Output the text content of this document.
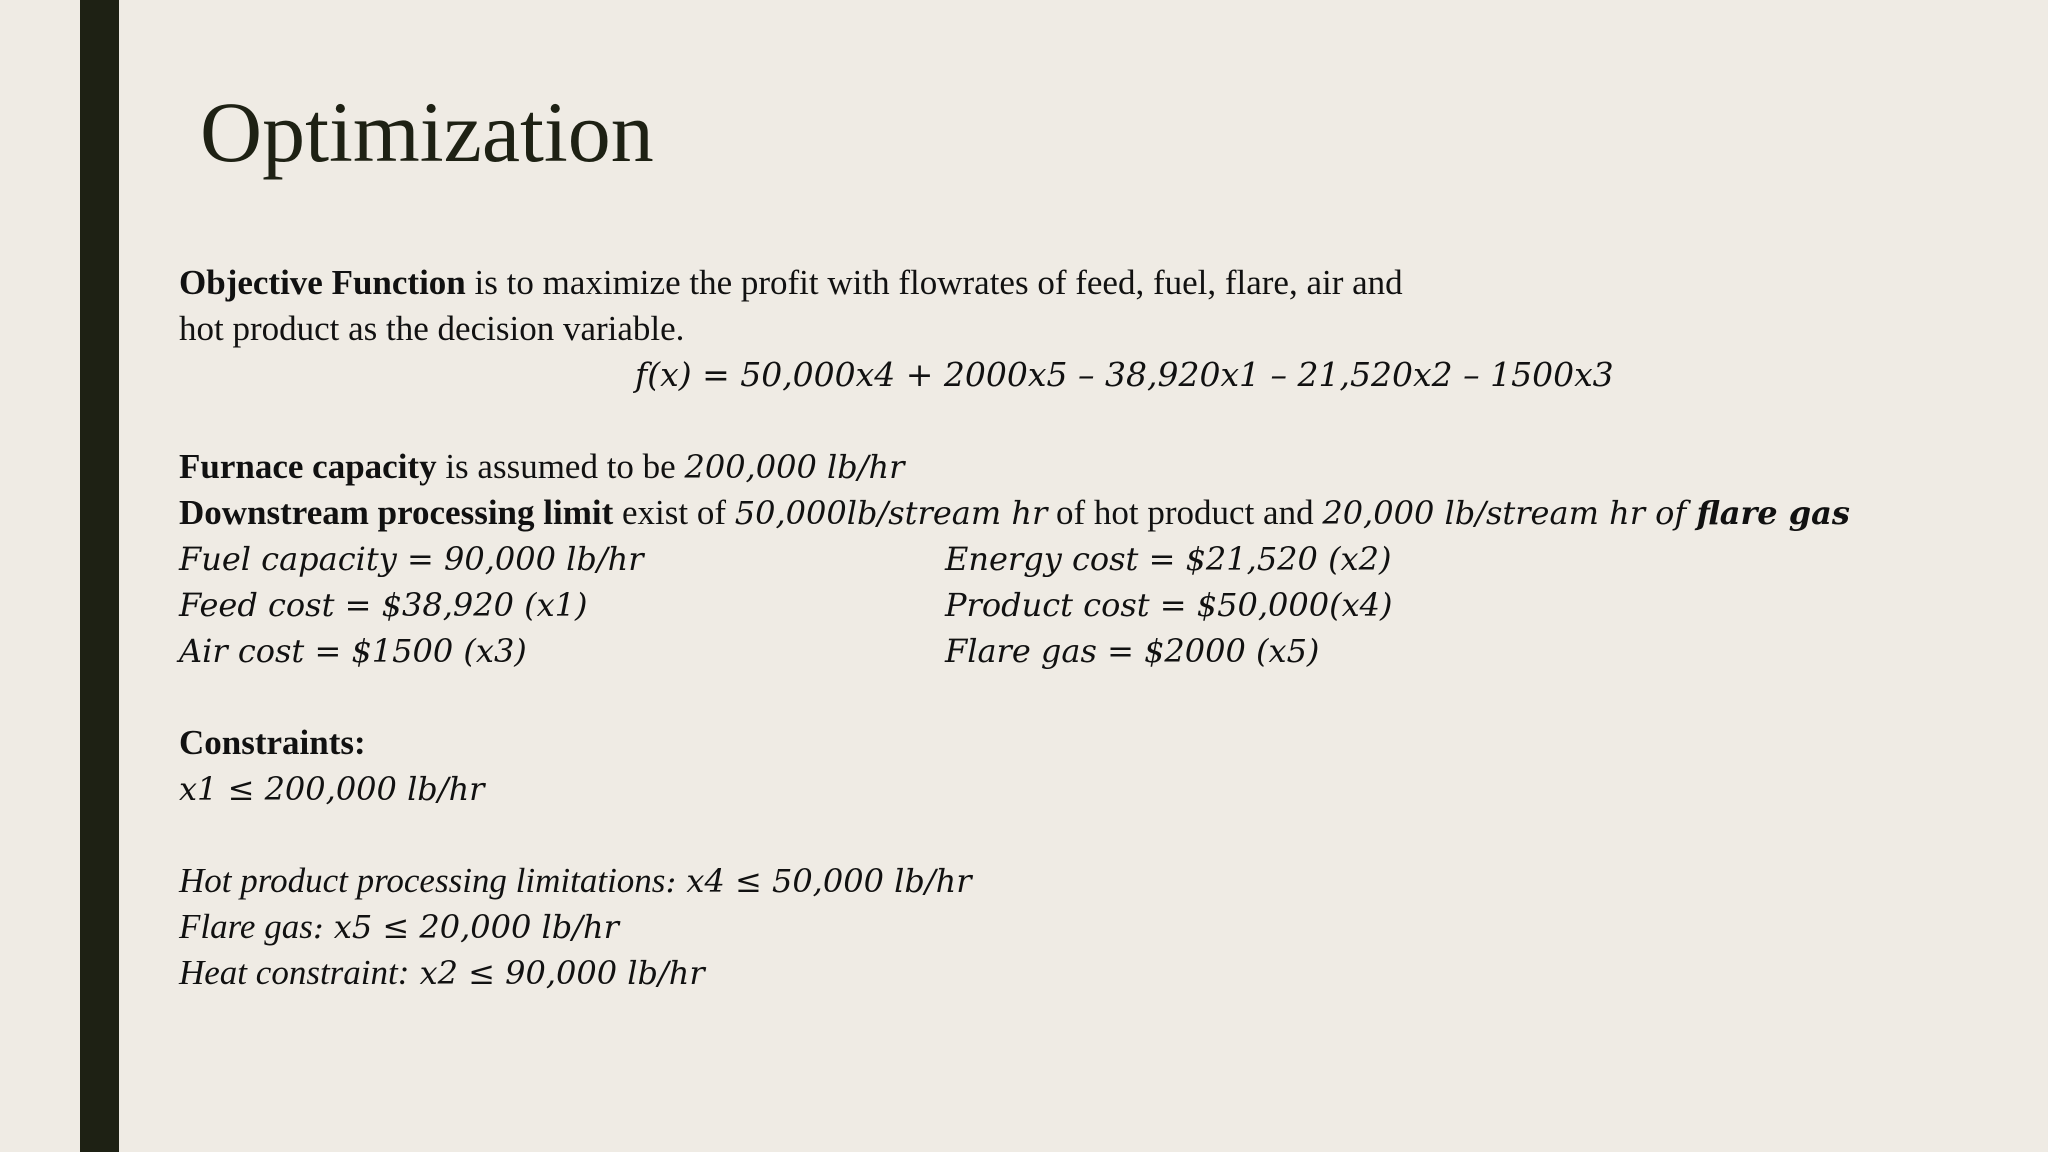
Optimization
Objective Function is to maximize the profit with flowrates of feed, fuel, flare, air and
hot product as the decision variable.
f(x) = 50,000x4 + 2000x5 – 38,920x1 – 21,520x2 – 1500x3
Furnace capacity is assumed to be 200,000 lb/hr
Downstream processing limit exist of 50,000lb/stream hr of hot product and 20,000 lb/stream hr of flare gas
Fuel capacity = 90,000 lb/hr
Feed cost = $38,920 (x1)
Air cost = $1500 (x3)
Energy cost = $21,520 (x2)
Product cost = $50,000(x4)
Flare gas = $2000 (x5)
Constraints:
x1 ≤ 200,000 lb/hr
Hot product processing limitations: x4 ≤ 50,000 lb/hr
Flare gas: x5 ≤ 20,000 lb/hr
Heat constraint: x2 ≤ 90,000 lb/hr
